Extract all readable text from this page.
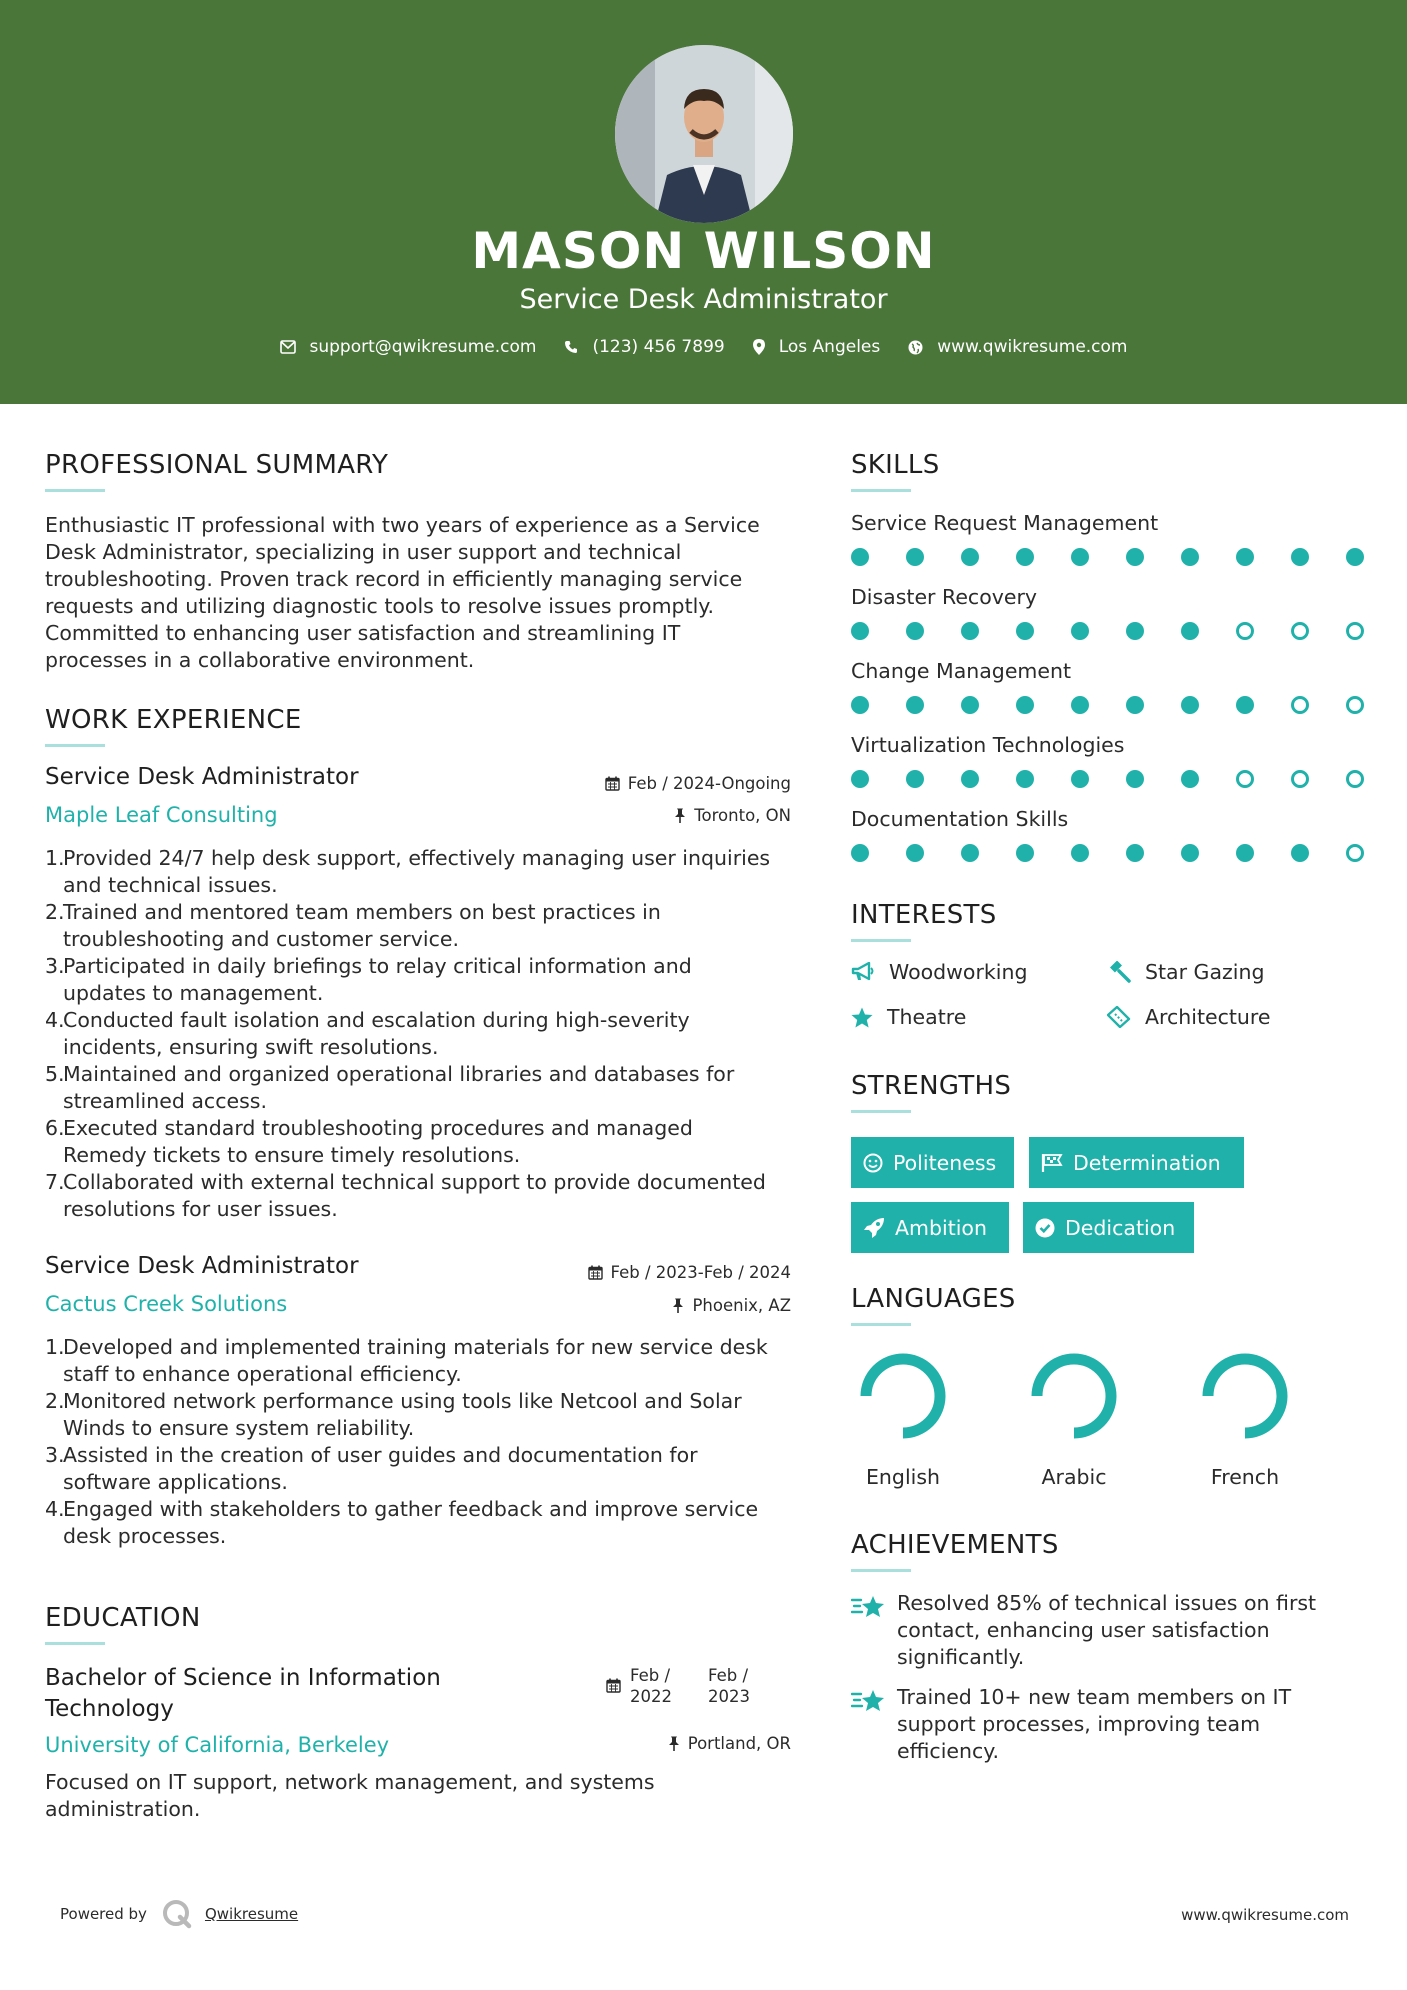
MASON WILSON
Service Desk Administrator
support@qwikresume.com	(123) 456 7899	Los Angeles	www.qwikresume.com
PROFESSIONAL SUMMARY
Enthusiastic IT professional with two years of experience as a Service
Desk Administrator, specializing in user support and technical
troubleshooting. Proven track record in efficiently managing service
requests and utilizing diagnostic tools to resolve issues promptly.
Committed to enhancing user satisfaction and streamlining IT
processes in a collaborative environment.
WORK EXPERIENCE
Service Desk Administrator	Feb / 2024-Ongoing
Maple Leaf Consulting	Toronto, ON
1.
Provided 24/7 help desk support, effectively managing user inquiries
and technical issues.
2.
Trained and mentored team members on best practices in
troubleshooting and customer service.
3.
Participated in daily briefings to relay critical information and
updates to management.
4.
Conducted fault isolation and escalation during high-severity
incidents, ensuring swift resolutions.
5.
Maintained and organized operational libraries and databases for
streamlined access.
6.
Executed standard troubleshooting procedures and managed
Remedy tickets to ensure timely resolutions.
7.
Collaborated with external technical support to provide documented
resolutions for user issues.
Service Desk Administrator	Feb / 2023-Feb / 2024
Cactus Creek Solutions	Phoenix, AZ
1.
Developed and implemented training materials for new service desk
staff to enhance operational efficiency.
2.
Monitored network performance using tools like Netcool and Solar
Winds to ensure system reliability.
3.
Assisted in the creation of user guides and documentation for
software applications.
4.
Engaged with stakeholders to gather feedback and improve service
desk processes.
EDUCATION
Bachelor of Science in Information
Technology
Feb /
2022
Feb /
2023
University of California, Berkeley	Portland, OR
Focused on IT support, network management, and systems
administration.
SKILLS
Service Request Management
Disaster Recovery
Change Management
Virtualization Technologies
Documentation Skills
INTERESTS
Woodworking	Star Gazing
Theatre	Architecture
STRENGTHS
Politeness	Determination
Ambition	Dedication
LANGUAGES
English	Arabic	French
ACHIEVEMENTS
Resolved 85% of technical issues on first
contact, enhancing user satisfaction
significantly.
Trained 10+ new team members on IT
support processes, improving team
efficiency.
Powered by	Qwikresume	www.qwikresume.com
